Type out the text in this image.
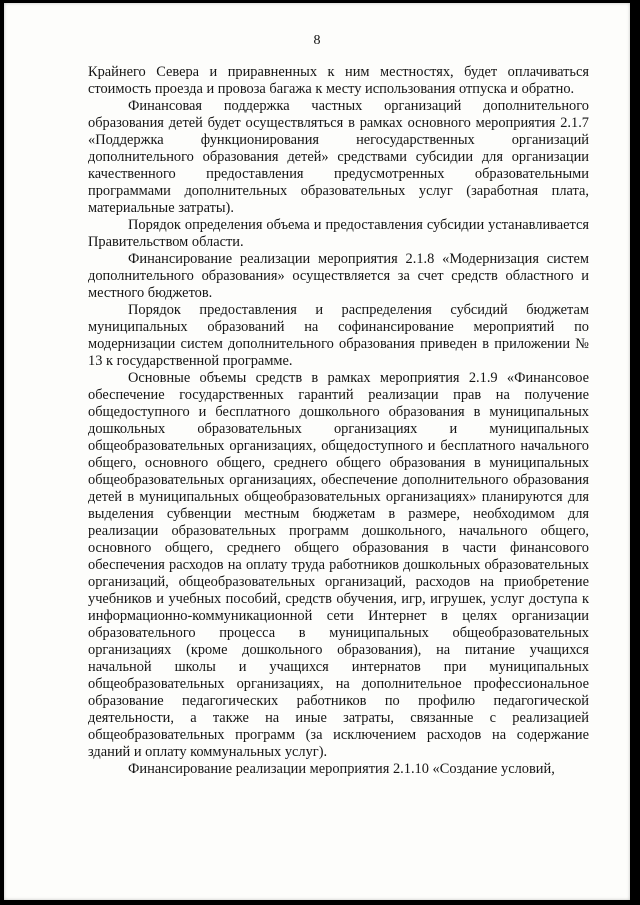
8

Крайнего Севера и приравненных к ним местностях, будет оплачиваться стоимость проезда и провоза багажа к месту использования отпуска и обратно.

Финансовая поддержка частных организаций дополнительного образования детей будет осуществляться в рамках основного мероприятия 2.1.7 «Поддержка функционирования негосударственных организаций дополнительного образования детей» средствами субсидии для организации качественного предоставления предусмотренных образовательными программами дополнительных образовательных услуг (заработная плата, материальные затраты).

Порядок определения объема и предоставления субсидии устанавливается Правительством области.

Финансирование реализации мероприятия 2.1.8 «Модернизация систем дополнительного образования» осуществляется за счет средств областного и местного бюджетов.

Порядок предоставления и распределения субсидий бюджетам муниципальных образований на софинансирование мероприятий по модернизации систем дополнительного образования приведен в приложении № 13 к государственной программе.

Основные объемы средств в рамках мероприятия 2.1.9 «Финансовое обеспечение государственных гарантий реализации прав на получение общедоступного и бесплатного дошкольного образования в муниципальных дошкольных образовательных организациях и муниципальных общеобразовательных организациях, общедоступного и бесплатного начального общего, основного общего, среднего общего образования в муниципальных общеобразовательных организациях, обеспечение дополнительного образования детей в муниципальных общеобразовательных организациях» планируются для выделения субвенции местным бюджетам в размере, необходимом для реализации образовательных программ дошкольного, начального общего, основного общего, среднего общего образования в части финансового обеспечения расходов на оплату труда работников дошкольных образовательных организаций, общеобразовательных организаций, расходов на приобретение учебников и учебных пособий, средств обучения, игр, игрушек, услуг доступа к информационно-коммуникационной сети Интернет в целях организации образовательного процесса в муниципальных общеобразовательных организациях (кроме дошкольного образования), на питание учащихся начальной школы и учащихся интернатов при муниципальных общеобразовательных организациях, на дополнительное профессиональное образование педагогических работников по профилю педагогической деятельности, а также на иные затраты, связанные с реализацией общеобразовательных программ (за исключением расходов на содержание зданий и оплату коммунальных услуг).

Финансирование реализации мероприятия 2.1.10 «Создание условий,
